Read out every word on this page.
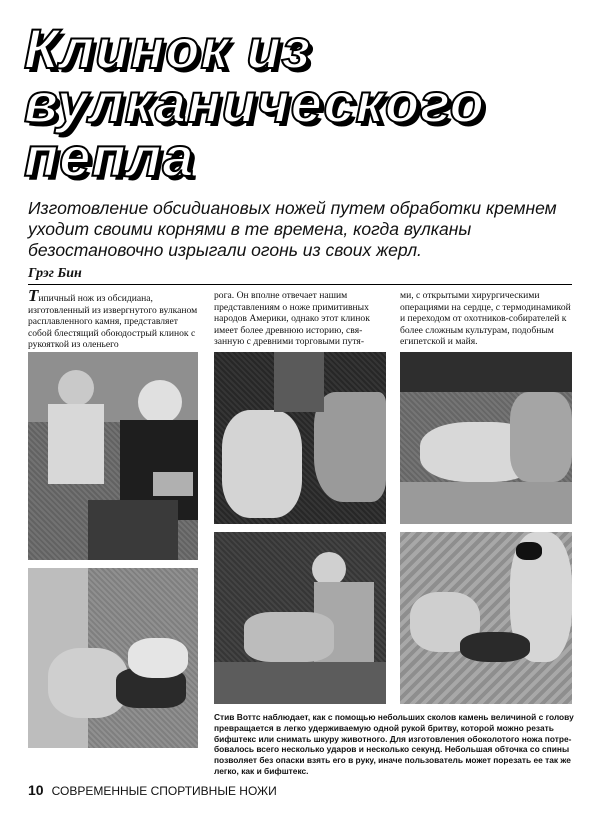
Клинок из
вулканического
пепла
Изготовление обсидиановых ножей путем обработки кремнем уходит своими корнями в те времена, когда вулканы безостановочно изрыгали огонь из своих жерл.
Грэг Бин
Типичный нож из обсидиана, изготовленный из извергнутого вулканом расплавленного камня, представляет собой блестящий обоюдострый клинок с рукояткой из оленьего
рога. Он вполне отвечает нашим представлениям о ноже примитивных народов Америки, однако этот клинок имеет более древнюю историю, связанную с древними торговыми путя-
ми, с открытыми хирургическими операциями на сердце, с термодинамикой и переходом от охотников-собирателей к более сложным культурам, подобным египетской и майя.
Стив Воттс наблюдает, как с помощью небольших сколов камень величиной с голову превращается в легко удерживаемую одной рукой бритву, которой можно резать бифштекс или снимать шкуру животного. Для изготовления обоколотого ножа потребовалось всего несколько ударов и несколько секунд. Небольшая обточка со спины позволяет без опаски взять его в руку, иначе пользователь может порезать ее так же легко, как и бифштекс.
10 СОВРЕМЕННЫЕ СПОРТИВНЫЕ НОЖИ
